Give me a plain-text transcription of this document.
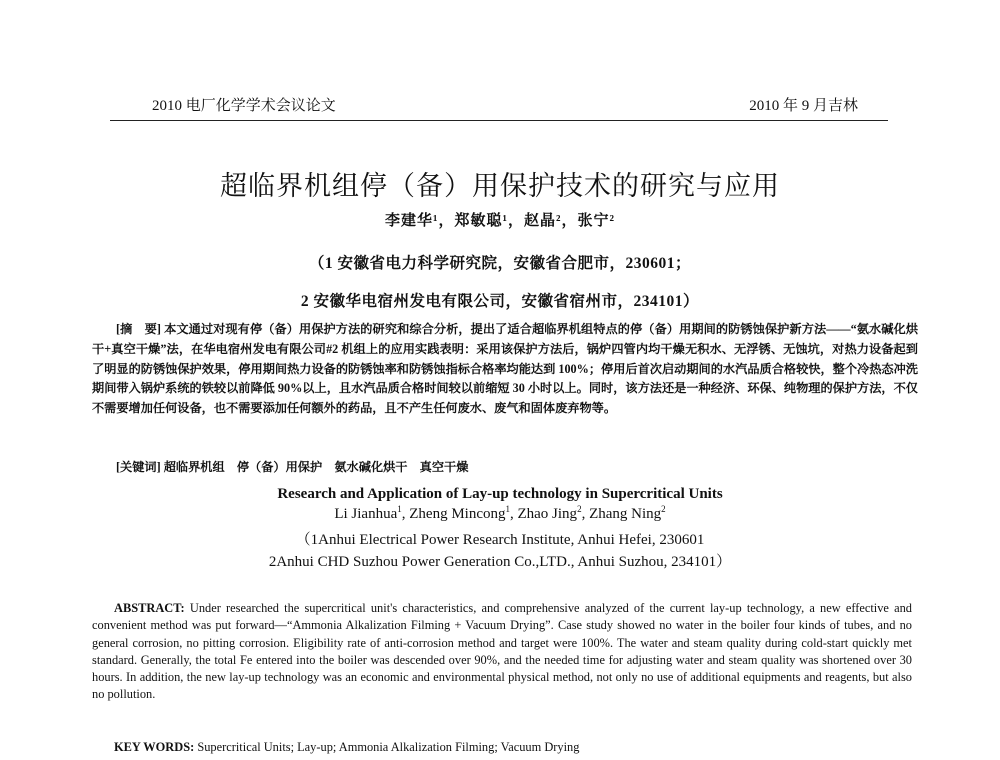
2010 电厂化学学术会议论文	2010 年 9 月吉林
超临界机组停（备）用保护技术的研究与应用
李建华¹，郑敏聪¹，赵晶²，张宁²
（1 安徽省电力科学研究院，安徽省合肥市，230601；
2 安徽华电宿州发电有限公司，安徽省宿州市，234101）
[摘　要] 本文通过对现有停（备）用保护方法的研究和综合分析，提出了适合超临界机组特点的停（备）用期间的防锈蚀保护新方法——“氨水碱化烘干+真空干燥”法，在华电宿州发电有限公司#2 机组上的应用实践表明：采用该保护方法后，锅炉四管内均干燥无积水、无浮锈、无蚀坑，对热力设备起到了明显的防锈蚀保护效果，停用期间热力设备的防锈蚀率和防锈蚀指标合格率均能达到 100%；停用后首次启动期间的水汽品质合格较快，整个冷热态冲洗期间带入锅炉系统的铁较以前降低 90%以上，且水汽品质合格时间较以前缩短 30 小时以上。同时，该方法还是一种经济、环保、纯物理的保护方法，不仅不需要增加任何设备，也不需要添加任何额外的药品，且不产生任何废水、废气和固体废弃物等。
[关键词] 超临界机组　停（备）用保护　氨水碱化烘干　真空干燥
Research and Application of Lay-up technology in Supercritical Units
Li Jianhua$^1$, Zheng Mincong$^1$, Zhao Jing$^2$, Zhang Ning$^2$
（1Anhui Electrical Power Research Institute, Anhui Hefei, 230601
2Anhui CHD Suzhou Power Generation Co.,LTD., Anhui Suzhou, 234101）
ABSTRACT: Under researched the supercritical unit's characteristics, and comprehensive analyzed of the current lay-up technology, a new effective and convenient method was put forward—“Ammonia Alkalization Filming + Vacuum Drying”. Case study showed no water in the boiler four kinds of tubes, and no general corrosion, no pitting corrosion. Eligibility rate of anti-corrosion method and target were 100%. The water and steam quality during cold-start quickly met standard. Generally, the total Fe entered into the boiler was descended over 90%, and the needed time for adjusting water and steam quality was shortened over 30 hours. In addition, the new lay-up technology was an economic and environmental physical method, not only no use of additional equipments and reagents, but also no pollution.
KEY WORDS: Supercritical Units; Lay-up; Ammonia Alkalization Filming; Vacuum Drying
